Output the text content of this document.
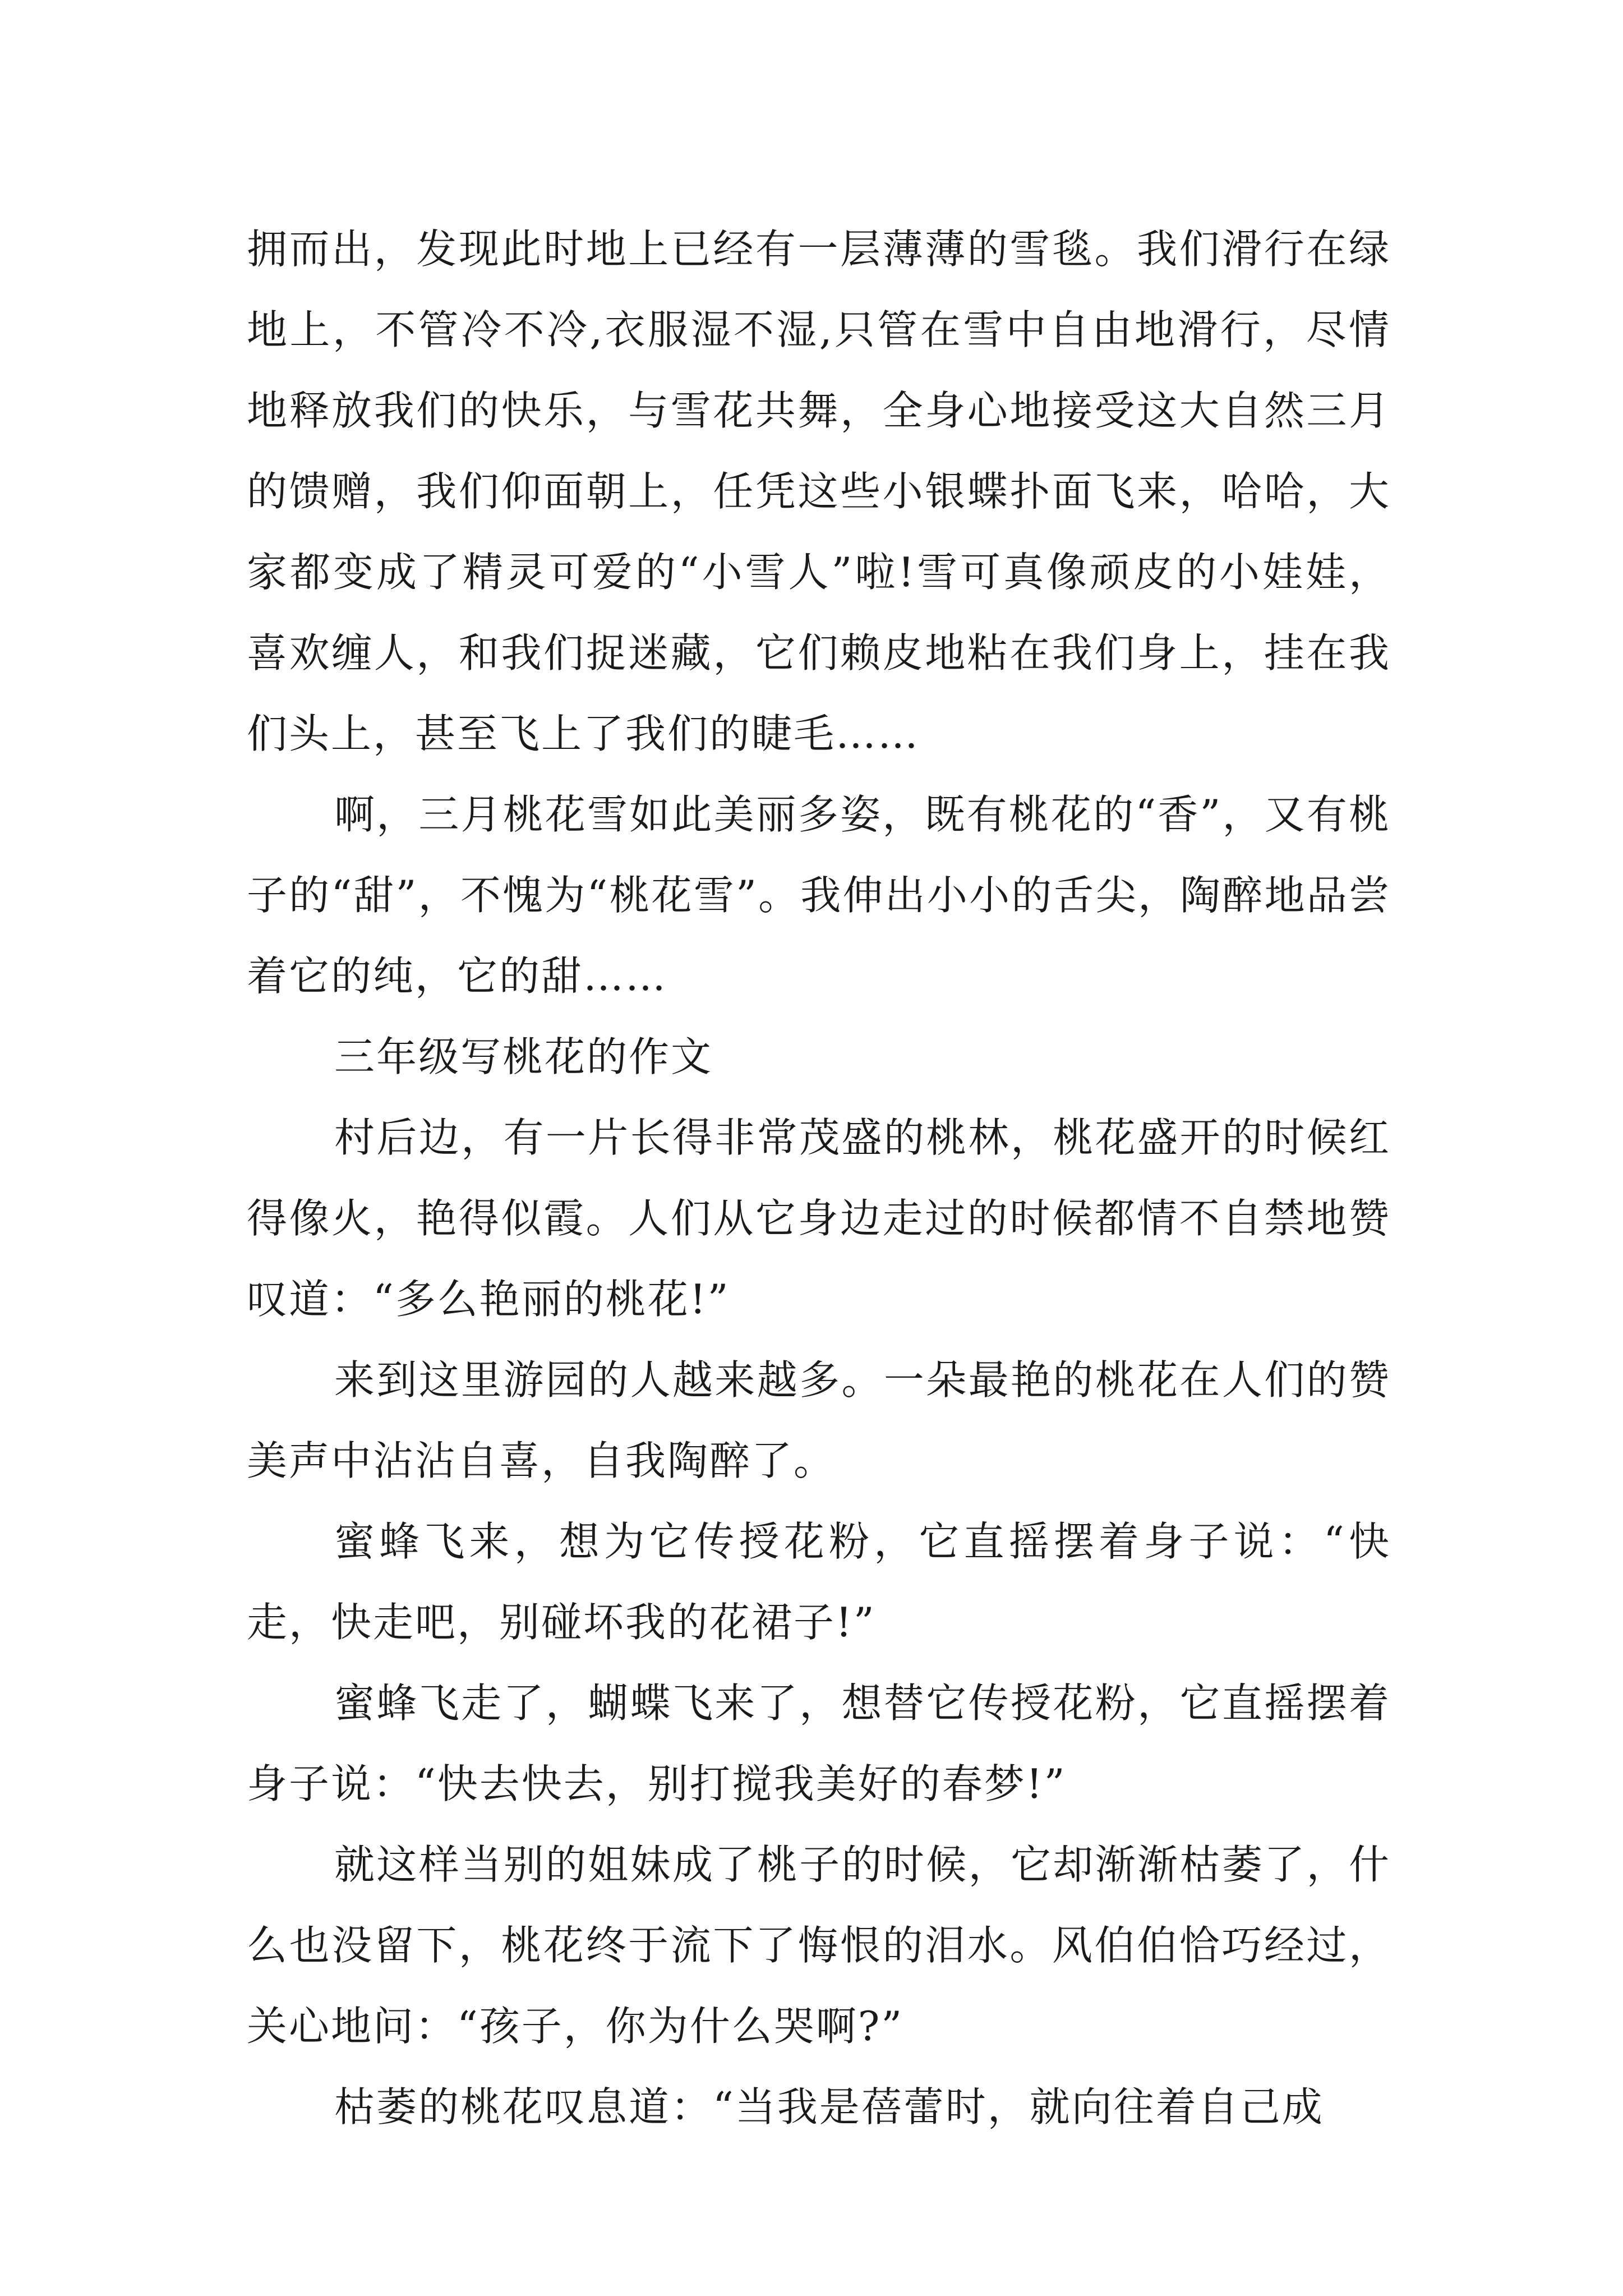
拥而出，发现此时地上已经有一层薄薄的雪毯。我们滑行在绿地上，不管冷不冷,衣服湿不湿,只管在雪中自由地滑行，尽情地释放我们的快乐，与雪花共舞，全身心地接受这大自然三月的馈赠，我们仰面朝上，任凭这些小银蝶扑面飞来，哈哈，大家都变成了精灵可爱的“小雪人”啦!雪可真像顽皮的小娃娃，喜欢缠人，和我们捉迷藏，它们赖皮地粘在我们身上，挂在我们头上，甚至飞上了我们的睫毛……

啊，三月桃花雪如此美丽多姿，既有桃花的“香”，又有桃子的“甜”，不愧为“桃花雪”。我伸出小小的舌尖，陶醉地品尝着它的纯，它的甜……

三年级写桃花的作文

村后边，有一片长得非常茂盛的桃林，桃花盛开的时候红得像火，艳得似霞。人们从它身边走过的时候都情不自禁地赞叹道：“多么艳丽的桃花!”

来到这里游园的人越来越多。一朵最艳的桃花在人们的赞美声中沾沾自喜，自我陶醉了。

蜜蜂飞来，想为它传授花粉，它直摇摆着身子说：“快走，快走吧，别碰坏我的花裙子!”

蜜蜂飞走了，蝴蝶飞来了，想替它传授花粉，它直摇摆着身子说：“快去快去，别打搅我美好的春梦!”

就这样当别的姐妹成了桃子的时候，它却渐渐枯萎了，什么也没留下，桃花终于流下了悔恨的泪水。风伯伯恰巧经过，关心地问：“孩子，你为什么哭啊?”

枯萎的桃花叹息道：“当我是蓓蕾时，就向往着自己成
